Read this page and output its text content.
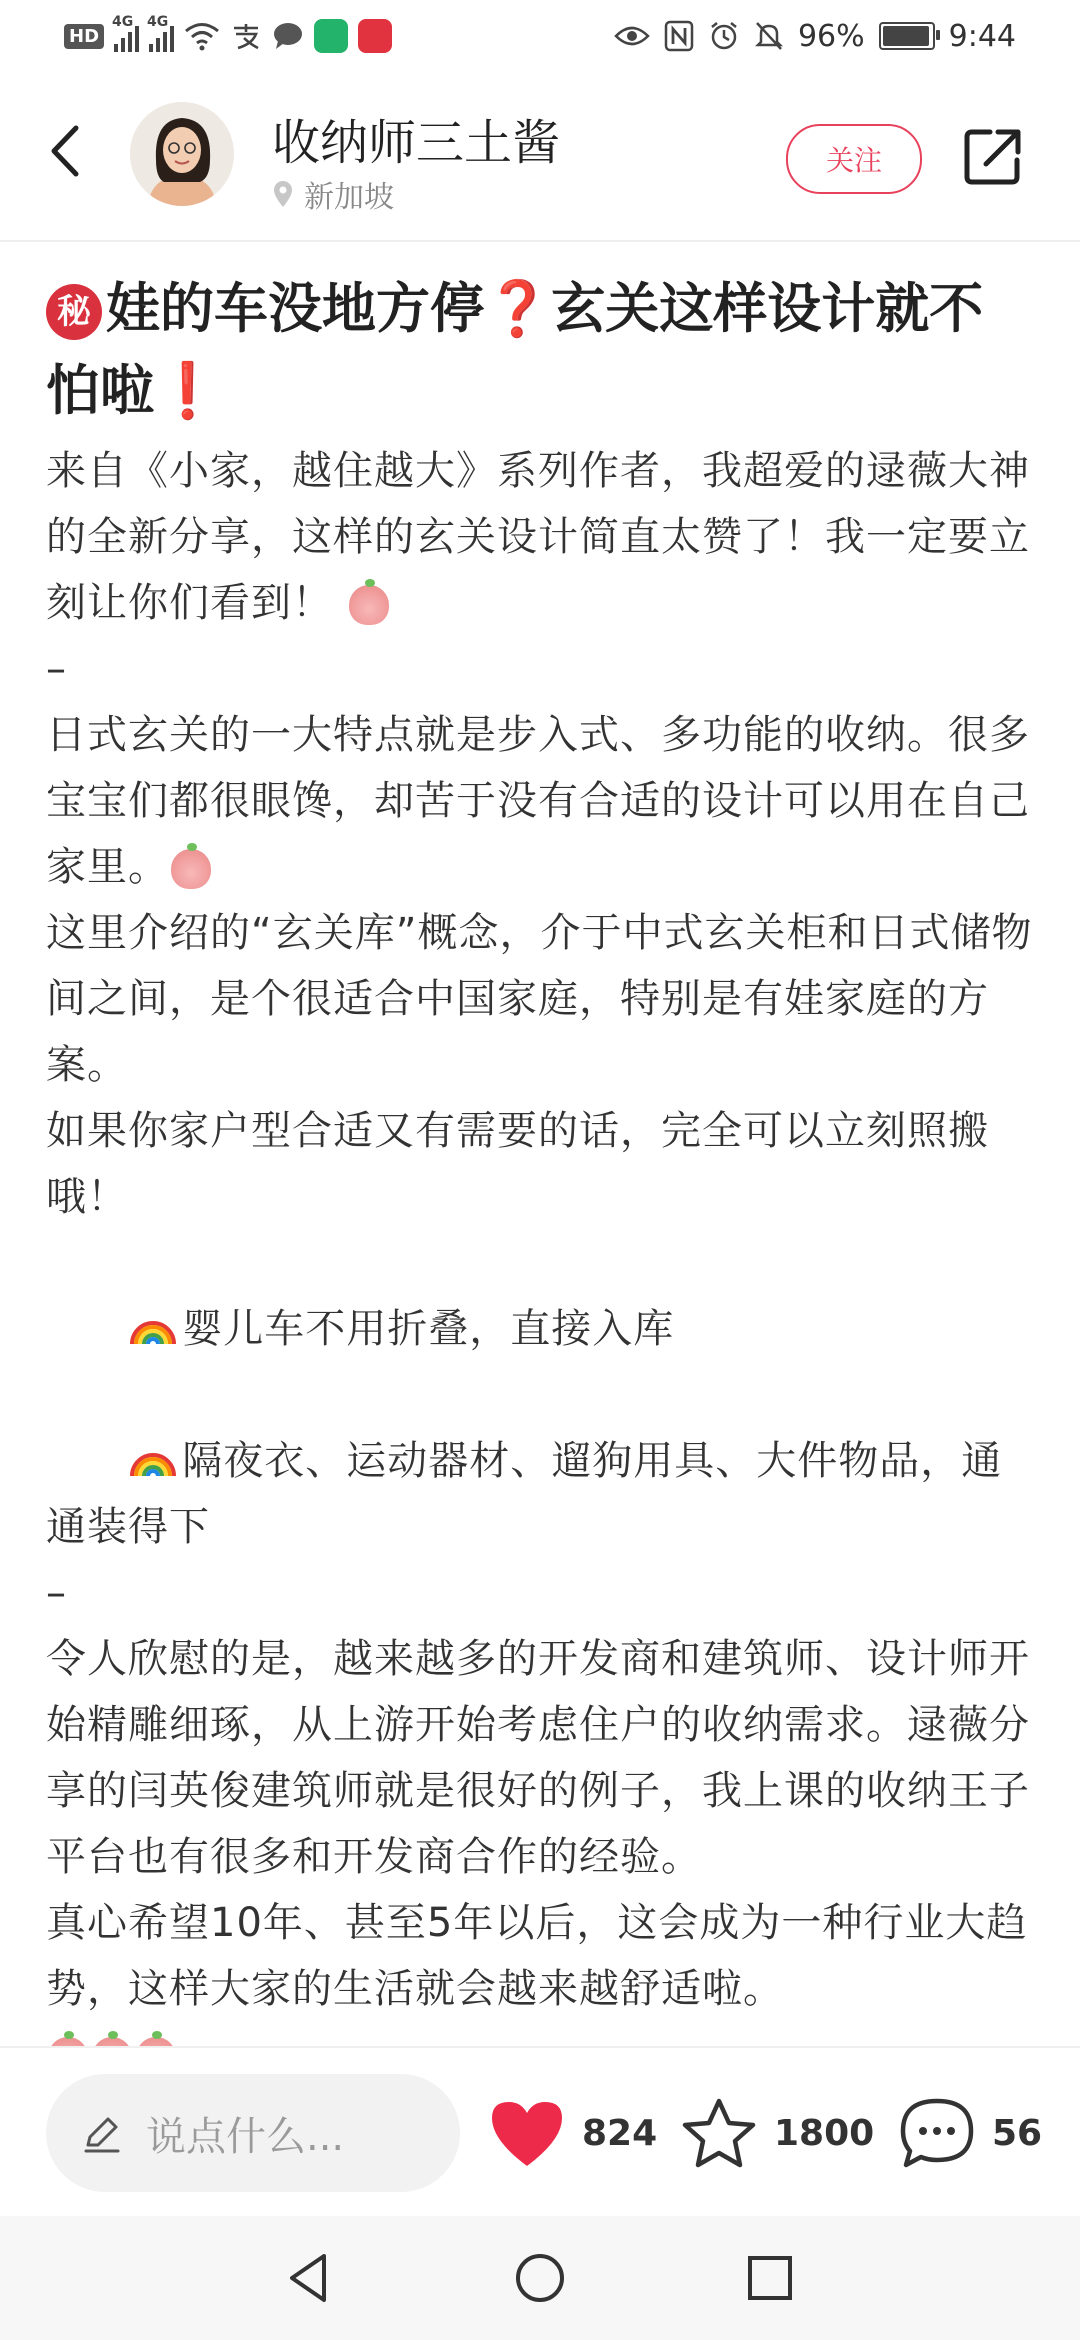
HD
4G 4G	96%	9:44
收纳师三土酱
新加坡
关注
秘 娃的车没地方停❓玄关这样设计就不怕啦❗

来自《小家，越住越大》系列作者，我超爱的逯薇大神的全新分享，这样的玄关设计简直太赞了！我一定要立刻让你们看到！

–

日式玄关的一大特点就是步入式、多功能的收纳。很多宝宝们都很眼馋，却苦于没有合适的设计可以用在自己家里。

这里介绍的“玄关库”概念，介于中式玄关柜和日式储物间之间，是个很适合中国家庭，特别是有娃家庭的方案。

如果你家户型合适又有需要的话，完全可以立刻照搬哦！

婴儿车不用折叠，直接入库

隔夜衣、运动器材、遛狗用具、大件物品，通通装得下

–

令人欣慰的是，越来越多的开发商和建筑师、设计师开始精雕细琢，从上游开始考虑住户的收纳需求。逯薇分享的闫英俊建筑师就是很好的例子，我上课的收纳王子平台也有很多和开发商合作的经验。

真心希望10年、甚至5年以后，这会成为一种行业大趋势，这样大家的生活就会越来越舒适啦。

说点什么...	824	1800	56
